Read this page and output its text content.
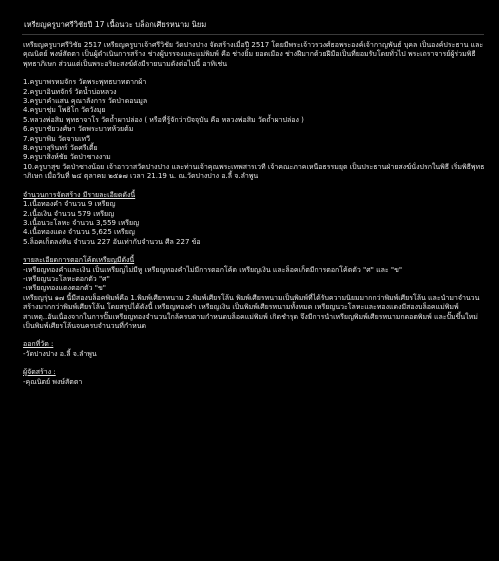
เหรียญครูบาศรีวิชัยปี 17 เนื้อนวะ บล็อกเศียรหนาม นิยม

เหรียญครูบาศรีวิชัย 2517 เหรียญครูบาเจ้าศรีวิชัย วัดปางปาง จัดสร้างเมื่อปี 2517 โดยมีพระเจ้าวรวงศ์ธอพระองค์เจ้ากาญพันธ์ บุคล เป็นองค์ประธาน และคุณนิตย์ พงษ์สัตตา เป็นผู้ดำเนินการสร้าง ช่างผู้บรรจงและแม่พิมพ์ คือ ช่างยิ้ม ยอดเมือง ช่างฝีมากด้วยฝีมือเป็นที่ยอมรับโดยทั่วไป พระเถราจารย์ผู้ร่วมพิธีพุทธาภิเษก ส่วนแต่เป็นพระอริยะสงฆ์ดังมีรายนามดังต่อไปนี้ อาทิเช่น

1.ครูบาพรหมจักร วัดพระพุทธบาทตากผ้า
2.ครูบาอินทจักร์ วัดน้ำบ่อหลวง
3.ครูบาคำแสน คุณาลังการ วัดป่าดอนมูล
4.ครูบาชุ่ม โพธิโก วัดวังมุย
5.หลวงพ่อสิม พุทธาจาโร วัดถ้ำผาปล่อง ( หรือที่รู้จักว่าปัจจุบัน คือ หลวงพ่อสิม วัดถ้ำผาปล่อง )
6.ครูบาชัยวงศ์ษา วัดพระบาทห้วยต้ม
7.ครูบาพิม วัดจามเทวี
8.ครูบาสุรินทร์ วัดศรีเตี้ย
9.ครูบาสิงห์ชัย วัดป่าซางงาม
10.ครูบาสุข วัดป่าซางน้อย เจ้าอาวาสวัดปางปาง และท่านเจ้าคุณพระเทพสารเวที เจ้าคณะภาคเหนือธรรมยุต เป็นประธานฝ่ายสงฆ์นั่งปรกในพิธี เริ่มพิธีพุทธาภิเษก เมื่อวันที่ ๒๔ ตุลาคม ๒๕๑๗ เวลา 21.19 น. ณ.วัดปางปาง อ.ลี้ จ.ลำพูน

จำนวนการจัดสร้าง มีรายละเอียดดังนี้

1.เนื้อทองคำ จำนวน 9 เหรียญ
2.เนื้อเงิน จำนวน 579 เหรียญ
3.เนื้อนวะโลหะ จำนวน 3,559 เหรียญ
4.เนื้อทองแดง จำนวน 5,625 เหรียญ
5.ล็อคเก็ตลงหิน จำนวน 227 อันเท่ากับจำนวน ศีล 227 ข้อ

รายละเอียดการตอกโค้ตเหรียญมีดังนี้

-เหรียญทองคำและเงิน เป็นเหรียญไม่มีหู เหรียญทองคำไม่มีการตอกโค้ต เหรียญเงิน และล็อคเก็ตมีการตอกโค้ตตัว "ศ" และ "ข"
-เหรียญนวะโลหะตอกตัว "ศ"
-เหรียญทองแดงตอกตัว "ข"

เหรียญรุ่น ๑๗ นี้มีสองบล็อคพิมพ์คือ 1.พิมพ์เศียรหนาม 2.พิมพ์เศียรโล้น พิมพ์เศียรหนามเป็นพิมพ์ที่ได้รับความนิยมมากกว่าพิมพ์เศียรโล้น และนำมาจำนวนสร้างมากกว่าพิมพ์เศียรโล้น โดยสรุปได้ดังนี้ เหรียญทองคำ เหรียญเงิน เป็นพิมพ์เศียรหนามทั้งหมด เหรียญนวะโลหะและทองแดงมีสองบล็อคแม่พิมพ์ สาเหตุ..อันเนื่องจากในการปั๊มเหรียญทองจำนวนใกล้ครบตามกำหนดบล็อคแม่พิมพ์ เกิดชำรุด จึงมีการนำเหรียญพิมพ์เศียรหนามกดอตพิมพ์ และปั๊มขึ้นใหม่เป็นพิมพ์เศียรโล้นจนครบจำนวนที่กำหนด

ออกที่วัด :

-วัดปางปาง อ.ลี้ จ.ลำพูน

ผู้จัดสร้าง :

-คุณนิตย์ พงษ์สัตตา
